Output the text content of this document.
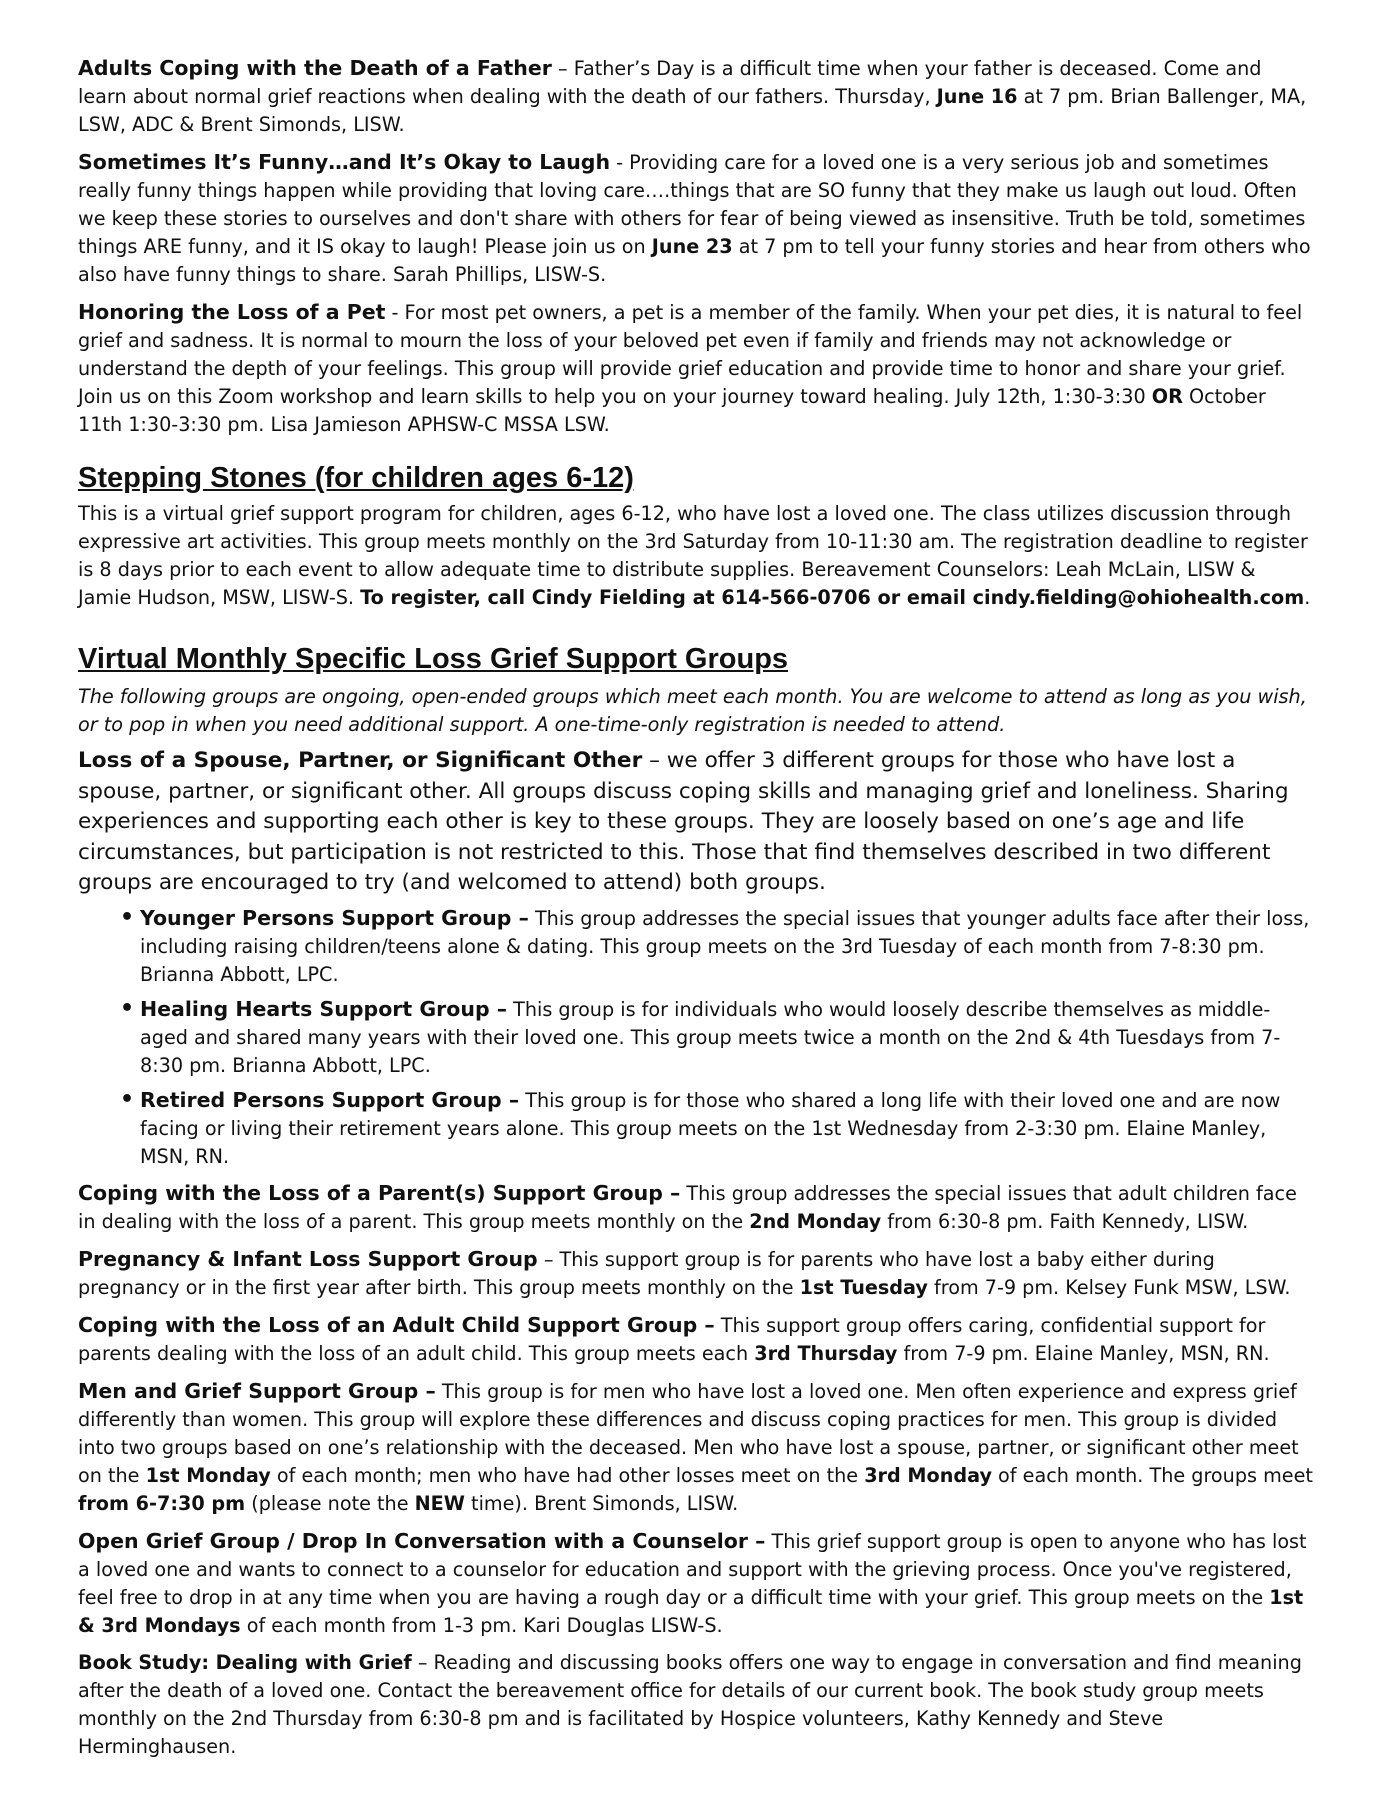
Adults Coping with the Death of a Father – Father’s Day is a difficult time when your father is deceased. Come and learn about normal grief reactions when dealing with the death of our fathers. Thursday, June 16 at 7 pm. Brian Ballenger, MA, LSW, ADC & Brent Simonds, LISW.

Sometimes It’s Funny…and It’s Okay to Laugh - Providing care for a loved one is a very serious job and sometimes really funny things happen while providing that loving care….things that are SO funny that they make us laugh out loud. Often we keep these stories to ourselves and don't share with others for fear of being viewed as insensitive. Truth be told, sometimes things ARE funny, and it IS okay to laugh! Please join us on June 23 at 7 pm to tell your funny stories and hear from others who also have funny things to share. Sarah Phillips, LISW-S.

Honoring the Loss of a Pet - For most pet owners, a pet is a member of the family. When your pet dies, it is natural to feel grief and sadness. It is normal to mourn the loss of your beloved pet even if family and friends may not acknowledge or understand the depth of your feelings. This group will provide grief education and provide time to honor and share your grief. Join us on this Zoom workshop and learn skills to help you on your journey toward healing. July 12th, 1:30-3:30 OR October 11th 1:30-3:30 pm. Lisa Jamieson APHSW-C MSSA LSW.

Stepping Stones (for children ages 6-12)

This is a virtual grief support program for children, ages 6-12, who have lost a loved one. The class utilizes discussion through expressive art activities. This group meets monthly on the 3rd Saturday from 10-11:30 am. The registration deadline to register is 8 days prior to each event to allow adequate time to distribute supplies. Bereavement Counselors: Leah McLain, LISW & Jamie Hudson, MSW, LISW-S. To register, call Cindy Fielding at 614-566-0706 or email cindy.fielding@ohiohealth.com.

Virtual Monthly Specific Loss Grief Support Groups

The following groups are ongoing, open-ended groups which meet each month. You are welcome to attend as long as you wish, or to pop in when you need additional support. A one-time-only registration is needed to attend.

Loss of a Spouse, Partner, or Significant Other – we offer 3 different groups for those who have lost a spouse, partner, or significant other. All groups discuss coping skills and managing grief and loneliness. Sharing experiences and supporting each other is key to these groups. They are loosely based on one’s age and life circumstances, but participation is not restricted to this. Those that find themselves described in two different groups are encouraged to try (and welcomed to attend) both groups.

• Younger Persons Support Group – This group addresses the special issues that younger adults face after their loss, including raising children/teens alone & dating. This group meets on the 3rd Tuesday of each month from 7-8:30 pm. Brianna Abbott, LPC.
• Healing Hearts Support Group – This group is for individuals who would loosely describe themselves as middle-aged and shared many years with their loved one. This group meets twice a month on the 2nd & 4th Tuesdays from 7-8:30 pm. Brianna Abbott, LPC.
• Retired Persons Support Group – This group is for those who shared a long life with their loved one and are now facing or living their retirement years alone. This group meets on the 1st Wednesday from 2-3:30 pm. Elaine Manley, MSN, RN.

Coping with the Loss of a Parent(s) Support Group – This group addresses the special issues that adult children face in dealing with the loss of a parent. This group meets monthly on the 2nd Monday from 6:30-8 pm. Faith Kennedy, LISW.

Pregnancy & Infant Loss Support Group – This support group is for parents who have lost a baby either during pregnancy or in the first year after birth. This group meets monthly on the 1st Tuesday from 7-9 pm. Kelsey Funk MSW, LSW.

Coping with the Loss of an Adult Child Support Group – This support group offers caring, confidential support for parents dealing with the loss of an adult child. This group meets each 3rd Thursday from 7-9 pm. Elaine Manley, MSN, RN.

Men and Grief Support Group – This group is for men who have lost a loved one. Men often experience and express grief differently than women. This group will explore these differences and discuss coping practices for men. This group is divided into two groups based on one’s relationship with the deceased. Men who have lost a spouse, partner, or significant other meet on the 1st Monday of each month; men who have had other losses meet on the 3rd Monday of each month. The groups meet from 6-7:30 pm (please note the NEW time). Brent Simonds, LISW.

Open Grief Group / Drop In Conversation with a Counselor – This grief support group is open to anyone who has lost a loved one and wants to connect to a counselor for education and support with the grieving process. Once you've registered, feel free to drop in at any time when you are having a rough day or a difficult time with your grief. This group meets on the 1st & 3rd Mondays of each month from 1-3 pm. Kari Douglas LISW-S.

Book Study: Dealing with Grief – Reading and discussing books offers one way to engage in conversation and find meaning after the death of a loved one. Contact the bereavement office for details of our current book. The book study group meets monthly on the 2nd Thursday from 6:30-8 pm and is facilitated by Hospice volunteers, Kathy Kennedy and Steve Herminghausen.
